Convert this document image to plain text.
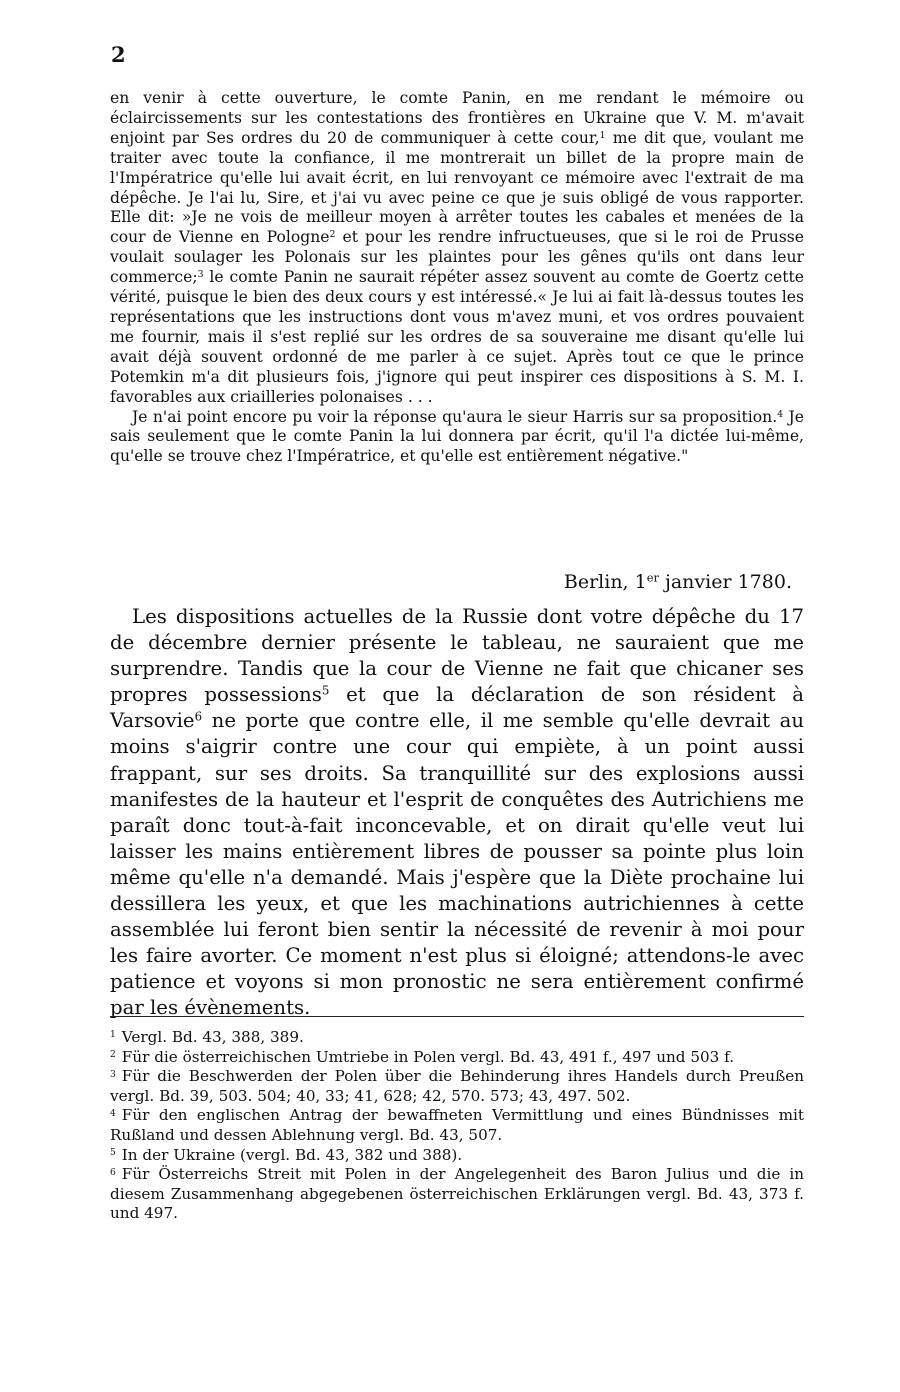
2

en venir à cette ouverture, le comte Panin, en me rendant le mémoire ou éclaircissements sur les contestations des frontières en Ukraine que V. M. m'avait enjoint par Ses ordres du 20 de communiquer à cette cour,$^1$ me dit que, voulant me traiter avec toute la confiance, il me montrerait un billet de la propre main de l'Impératrice qu'elle lui avait écrit, en lui renvoyant ce mémoire avec l'extrait de ma dépêche. Je l'ai lu, Sire, et j'ai vu avec peine ce que je suis obligé de vous rapporter. Elle dit: »Je ne vois de meilleur moyen à arrêter toutes les cabales et menées de la cour de Vienne en Pologne$^2$ et pour les rendre infructueuses, que si le roi de Prusse voulait soulager les Polonais sur les plaintes pour les gênes qu'ils ont dans leur commerce;$^3$ le comte Panin ne saurait répéter assez souvent au comte de Goertz cette vérité, puisque le bien des deux cours y est intéressé.« Je lui ai fait là-dessus toutes les représentations que les instructions dont vous m'avez muni, et vos ordres pouvaient me fournir, mais il s'est replié sur les ordres de sa souveraine me disant qu'elle lui avait déjà souvent ordonné de me parler à ce sujet. Après tout ce que le prince Potemkin m'a dit plusieurs fois, j'ignore qui peut inspirer ces dispositions à S. M. I. favorables aux criailleries polonaises . . .

Je n'ai point encore pu voir la réponse qu'aura le sieur Harris sur sa proposition.$^4$ Je sais seulement que le comte Panin la lui donnera par écrit, qu'il l'a dictée lui-même, qu'elle se trouve chez l'Impératrice, et qu'elle est entièrement négative."

Berlin, 1er janvier 1780.

Les dispositions actuelles de la Russie dont votre dépêche du 17 de décembre dernier présente le tableau, ne sauraient que me surprendre. Tandis que la cour de Vienne ne fait que chicaner ses propres possessions$^5$ et que la déclaration de son résident à Varsovie$^6$ ne porte que contre elle, il me semble qu'elle devrait au moins s'aigrir contre une cour qui empiète, à un point aussi frappant, sur ses droits. Sa tranquillité sur des explosions aussi manifestes de la hauteur et l'esprit de conquêtes des Autrichiens me paraît donc tout-à-fait inconcevable, et on dirait qu'elle veut lui laisser les mains entièrement libres de pousser sa pointe plus loin même qu'elle n'a demandé. Mais j'espère que la Diète prochaine lui dessillera les yeux, et que les machinations autrichiennes à cette assemblée lui feront bien sentir la nécessité de revenir à moi pour les faire avorter. Ce moment n'est plus si éloigné; attendons-le avec patience et voyons si mon pronostic ne sera entièrement confirmé par les évènements.

$^1$ Vergl. Bd. 43, 388, 389.

$^2$ Für die österreichischen Umtriebe in Polen vergl. Bd. 43, 491 f., 497 und 503 f.

$^3$ Für die Beschwerden der Polen über die Behinderung ihres Handels durch Preußen vergl. Bd. 39, 503. 504; 40, 33; 41, 628; 42, 570. 573; 43, 497. 502.

$^4$ Für den englischen Antrag der bewaffneten Vermittlung und eines Bündnisses mit Rußland und dessen Ablehnung vergl. Bd. 43, 507.

$^5$ In der Ukraine (vergl. Bd. 43, 382 und 388).

$^6$ Für Österreichs Streit mit Polen in der Angelegenheit des Baron Julius und die in diesem Zusammenhang abgegebenen österreichischen Erklärungen vergl. Bd. 43, 373 f. und 497.
